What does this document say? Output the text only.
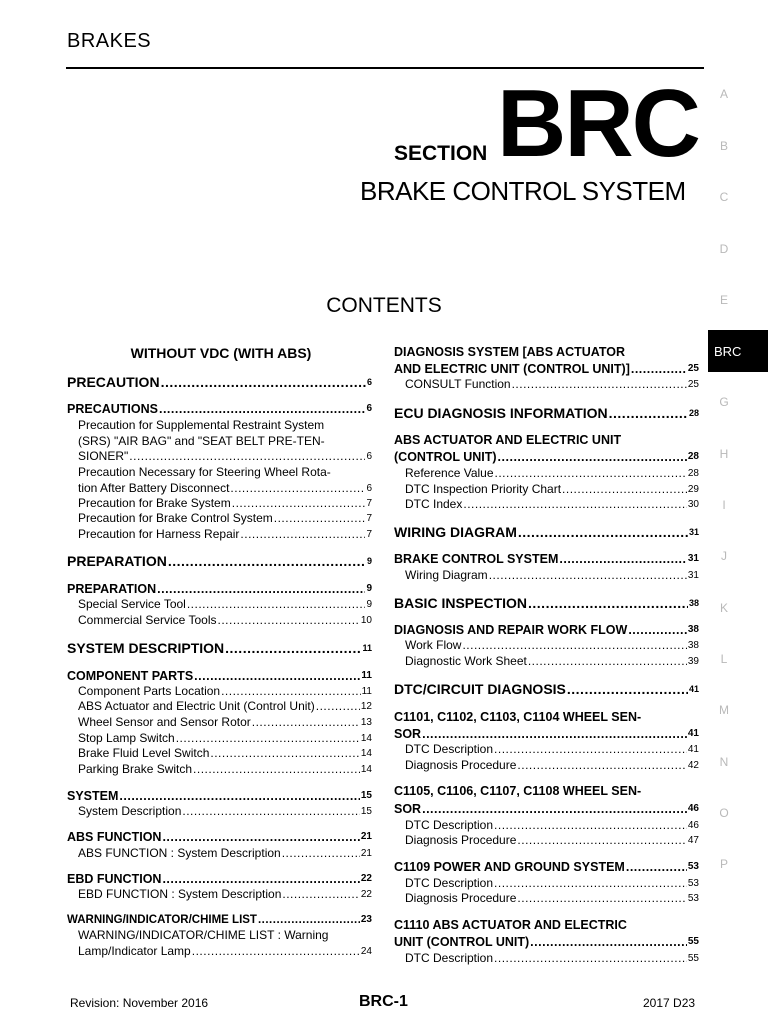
BRAKES
SECTION BRC
BRAKE CONTROL SYSTEM
CONTENTS
WITHOUT VDC (WITH ABS)
A
B
C
D
E
BRC
G
H
I
J
K
L
M
N
O
P
PRECAUTION .....	6
PRECAUTIONS .....	6
Precaution for Supplemental Restraint System
(SRS) "AIR BAG" and "SEAT BELT PRE-TEN-
SIONER" .....	6
Precaution Necessary for Steering Wheel Rota-
tion After Battery Disconnect .....	6
Precaution for Brake System .....	7
Precaution for Brake Control System .....	7
Precaution for Harness Repair .....	7
PREPARATION .....	9
PREPARATION .....	9
Special Service Tool .....	9
Commercial Service Tools .....	10
SYSTEM DESCRIPTION .....	11
COMPONENT PARTS .....	11
Component Parts Location .....	11
ABS Actuator and Electric Unit (Control Unit) .....	12
Wheel Sensor and Sensor Rotor .....	13
Stop Lamp Switch .....	14
Brake Fluid Level Switch .....	14
Parking Brake Switch .....	14
SYSTEM .....	15
System Description .....	15
ABS FUNCTION .....	21
ABS FUNCTION : System Description .....	21
EBD FUNCTION .....	22
EBD FUNCTION : System Description .....	22
WARNING/INDICATOR/CHIME LIST .....	23
WARNING/INDICATOR/CHIME LIST : Warning
Lamp/Indicator Lamp .....	24
DIAGNOSIS SYSTEM [ABS ACTUATOR
AND ELECTRIC UNIT (CONTROL UNIT)] .....	25
CONSULT Function .....	25
ECU DIAGNOSIS INFORMATION .....	28
ABS ACTUATOR AND ELECTRIC UNIT
(CONTROL UNIT) .....	28
Reference Value .....	28
DTC Inspection Priority Chart .....	29
DTC Index .....	30
WIRING DIAGRAM .....	31
BRAKE CONTROL SYSTEM .....	31
Wiring Diagram .....	31
BASIC INSPECTION .....	38
DIAGNOSIS AND REPAIR WORK FLOW .....	38
Work Flow .....	38
Diagnostic Work Sheet .....	39
DTC/CIRCUIT DIAGNOSIS .....	41
C1101, C1102, C1103, C1104 WHEEL SEN-
SOR .....	41
DTC Description .....	41
Diagnosis Procedure .....	42
C1105, C1106, C1107, C1108 WHEEL SEN-
SOR .....	46
DTC Description .....	46
Diagnosis Procedure .....	47
C1109 POWER AND GROUND SYSTEM .....	53
DTC Description .....	53
Diagnosis Procedure .....	53
C1110 ABS ACTUATOR AND ELECTRIC
UNIT (CONTROL UNIT) .....	55
DTC Description .....	55
Revision: November 2016	BRC-1	2017 D23
